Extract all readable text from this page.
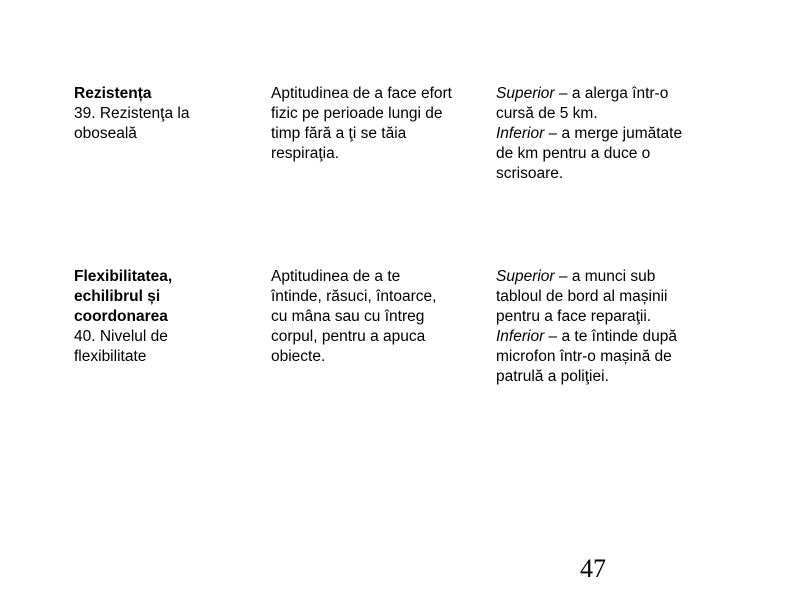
Rezistența
39. Rezistenţa la
oboseală
Aptitudinea de a face efort
fizic pe perioade lungi de
timp fără a ţi se tăia
respiraţia.
Superior – a alerga într-o
cursă de 5 km.
Inferior – a merge jumătate
de km pentru a duce o
scrisoare.
Flexibilitatea,
echilibrul și
coordonarea
40. Nivelul de
flexibilitate
Aptitudinea de a te
întinde, răsuci, întoarce,
cu mâna sau cu întreg
corpul, pentru a apuca
obiecte.
Superior – a munci sub
tabloul de bord al mașinii
pentru a face reparaţii.
Inferior – a te întinde după
microfon într-o mașină de
patrulă a poliţiei.
47
